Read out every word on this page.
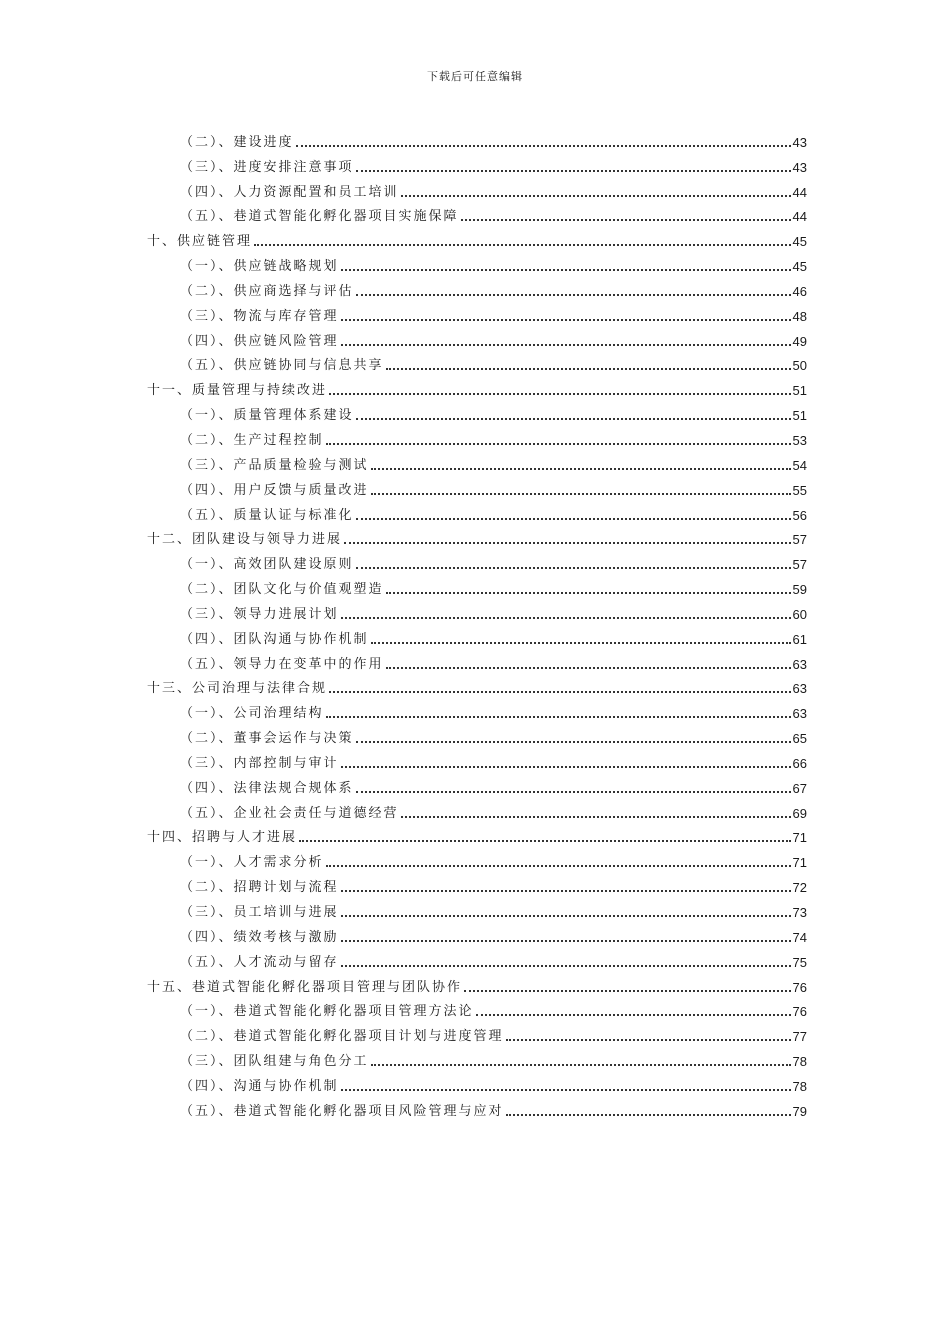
下载后可任意编辑
（二）、建设进度	43
（三）、进度安排注意事项	43
（四）、人力资源配置和员工培训	44
（五）、巷道式智能化孵化器项目实施保障	44
十、供应链管理	45
（一）、供应链战略规划	45
（二）、供应商选择与评估	46
（三）、物流与库存管理	48
（四）、供应链风险管理	49
（五）、供应链协同与信息共享	50
十一、质量管理与持续改进	51
（一）、质量管理体系建设	51
（二）、生产过程控制	53
（三）、产品质量检验与测试	54
（四）、用户反馈与质量改进	55
（五）、质量认证与标准化	56
十二、团队建设与领导力进展	57
（一）、高效团队建设原则	57
（二）、团队文化与价值观塑造	59
（三）、领导力进展计划	60
（四）、团队沟通与协作机制	61
（五）、领导力在变革中的作用	63
十三、公司治理与法律合规	63
（一）、公司治理结构	63
（二）、董事会运作与决策	65
（三）、内部控制与审计	66
（四）、法律法规合规体系	67
（五）、企业社会责任与道德经营	69
十四、招聘与人才进展	71
（一）、人才需求分析	71
（二）、招聘计划与流程	72
（三）、员工培训与进展	73
（四）、绩效考核与激励	74
（五）、人才流动与留存	75
十五、巷道式智能化孵化器项目管理与团队协作	76
（一）、巷道式智能化孵化器项目管理方法论	76
（二）、巷道式智能化孵化器项目计划与进度管理	77
（三）、团队组建与角色分工	78
（四）、沟通与协作机制	78
（五）、巷道式智能化孵化器项目风险管理与应对	79
